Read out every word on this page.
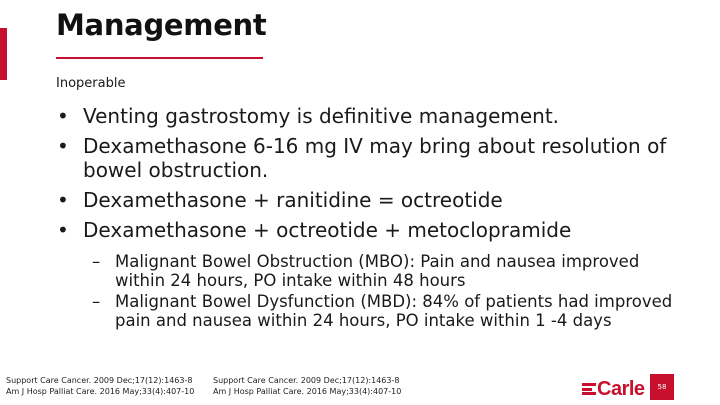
Management
Inoperable
• Venting gastrostomy is definitive management.
• Dexamethasone 6-16 mg IV may bring about resolution of bowel obstruction.
• Dexamethasone + ranitidine = octreotide
• Dexamethasone + octreotide + metoclopramide
– Malignant Bowel Obstruction (MBO): Pain and nausea improved within 24 hours, PO intake within 48 hours
– Malignant Bowel Dysfunction (MBD): 84% of patients had improved pain and nausea within 24 hours, PO intake within 1 -4 days
Support Care Cancer. 2009 Dec;17(12):1463-8
Am J Hosp Palliat Care. 2016 May;33(4):407-10
Support Care Cancer. 2009 Dec;17(12):1463-8
Am J Hosp Palliat Care. 2016 May;33(4):407-10	Carle	58
